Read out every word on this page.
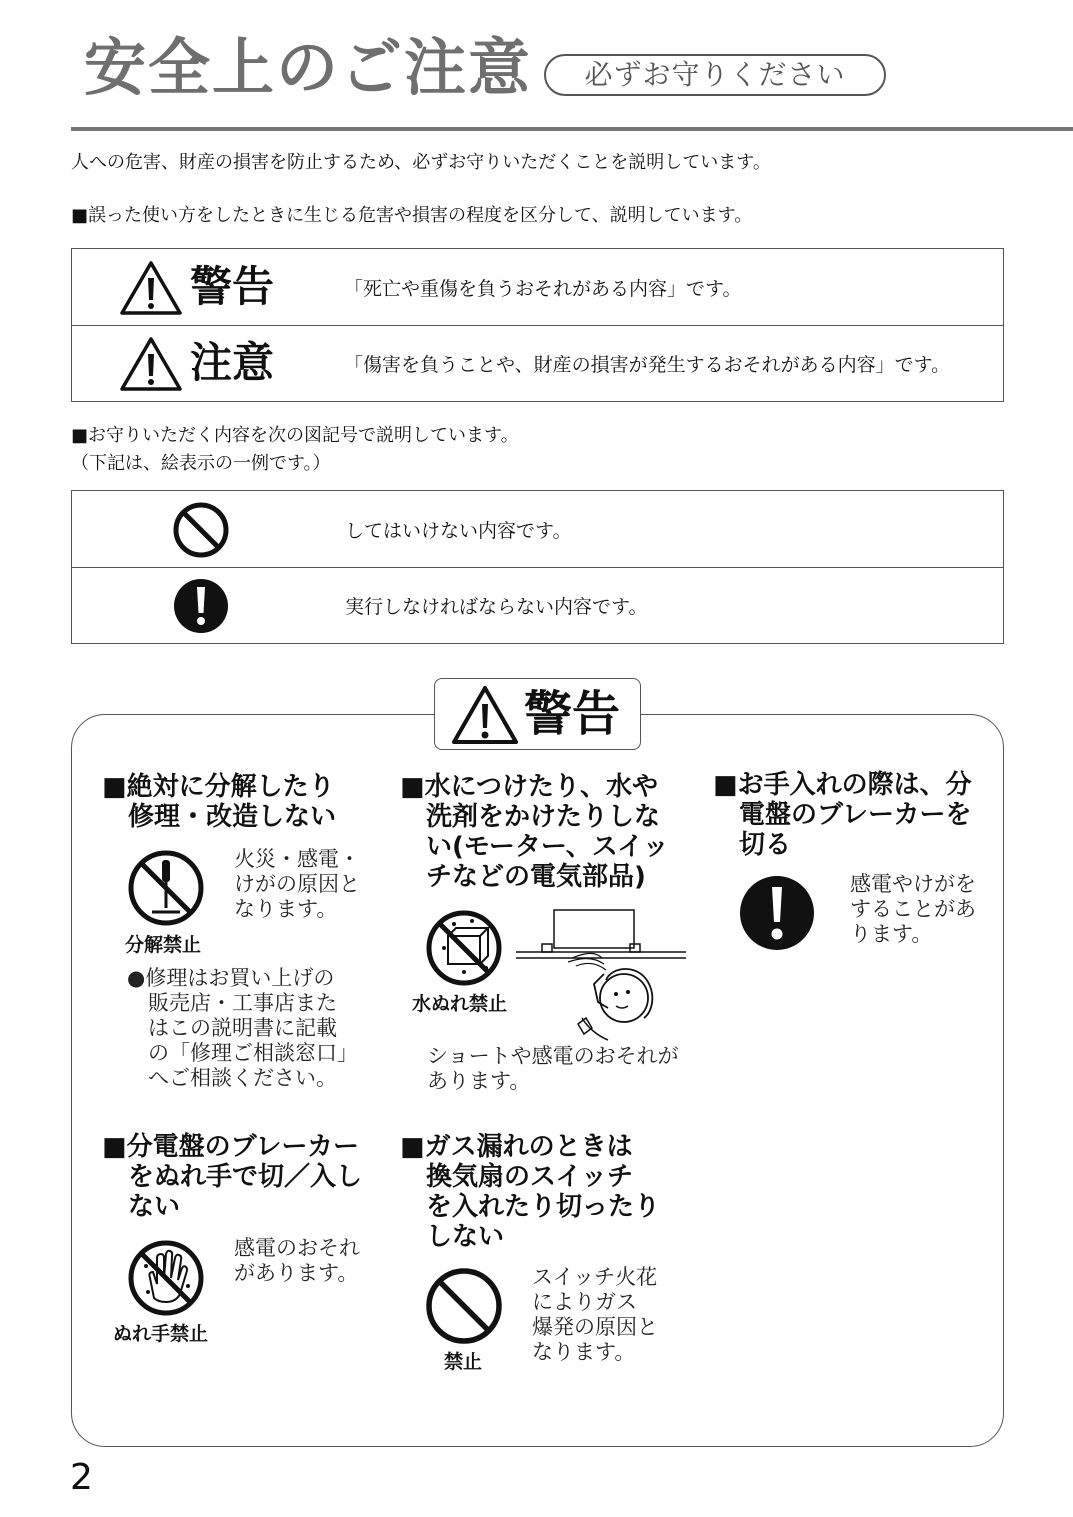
安全上のご注意	必ずお守りください
人への危害、財産の損害を防止するため、必ずお守りいただくことを説明しています。
■誤った使い方をしたときに生じる危害や損害の程度を区分して、説明しています。
警告	「死亡や重傷を負うおそれがある内容」です。
注意	「傷害を負うことや、財産の損害が発生するおそれがある内容」です。
■お守りいただく内容を次の図記号で説明しています。
（下記は、絵表示の一例です。）
してはいけない内容です。
実行しなければならない内容です。
警告
■絶対に分解したり
　修理・改造しない
分解禁止
火災・感電・
けがの原因と
なります。
●修理はお買い上げの
　販売店・工事店また
　はこの説明書に記載
　の「修理ご相談窓口」
　へご相談ください。
■水につけたり、水や
　洗剤をかけたりしな
　い(モーター、スイッ
　チなどの電気部品)
水ぬれ禁止
ショートや感電のおそれが
あります。
■お手入れの際は、分
　電盤のブレーカーを
　切る
感電やけがを
することがあ
ります。
■分電盤のブレーカー
　をぬれ手で切／入し
　ない
ぬれ手禁止
感電のおそれ
があります。
■ガス漏れのときは
　換気扇のスイッチ
　を入れたり切ったり
　しない
禁止
スイッチ火花
によりガス
爆発の原因と
なります。
2
